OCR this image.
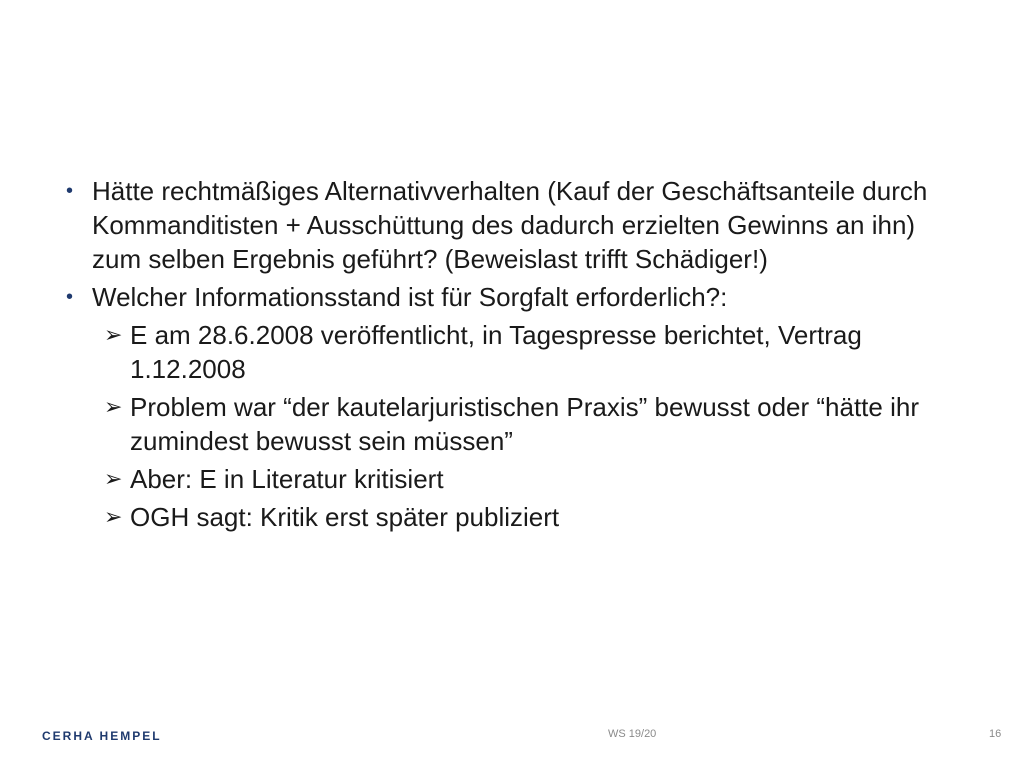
• Hätte rechtmäßiges Alternativverhalten (Kauf der Geschäftsanteile durch Kommanditisten + Ausschüttung des dadurch erzielten Gewinns an ihn) zum selben Ergebnis geführt? (Beweislast trifft Schädiger!)
• Welcher Informationsstand ist für Sorgfalt erforderlich?:
➢ E am 28.6.2008 veröffentlicht, in Tagespresse berichtet, Vertrag 1.12.2008
➢ Problem war “der kautelarjuristischen Praxis” bewusst oder “hätte ihr zumindest bewusst sein müssen”
➢ Aber: E in Literatur kritisiert
➢ OGH sagt: Kritik erst später publiziert
CERHA HEMPEL	WS 19/20	16
